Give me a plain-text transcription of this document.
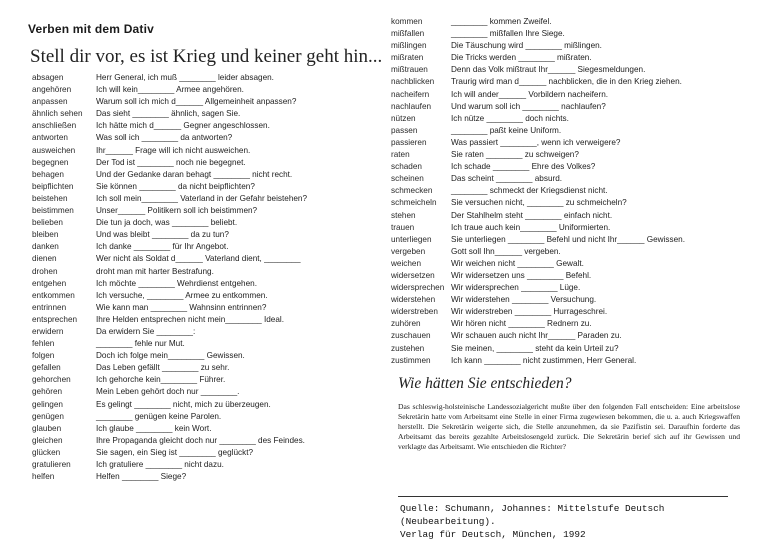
Verben mit dem Dativ
Stell dir vor, es ist Krieg und keiner geht hin...
absagen	Herr General, ich muß ________ leider absagen.
angehören	Ich will kein________ Armee angehören.
anpassen	Warum soll ich mich d______ Allgemeinheit anpassen?
ähnlich sehen	Das sieht ________ ähnlich, sagen Sie.
anschließen	Ich hätte mich d______ Gegner angeschlossen.
antworten	Was soll ich ________ da antworten?
ausweichen	Ihr______ Frage will ich nicht ausweichen.
begegnen	Der Tod ist ________ noch nie begegnet.
behagen	Und der Gedanke daran behagt ________ nicht recht.
beipflichten	Sie können ________ da nicht beipflichten?
beistehen	Ich soll mein________ Vaterland in der Gefahr beistehen?
beistimmen	Unser______ Politikern soll ich beistimmen?
belieben	Die tun ja doch, was ________ beliebt.
bleiben	Und was bleibt ________ da zu tun?
danken	Ich danke ________ für Ihr Angebot.
dienen	Wer nicht als Soldat d______ Vaterland dient, ________
drohen	droht man mit harter Bestrafung.
entgehen	Ich möchte ________ Wehrdienst entgehen.
entkommen	Ich versuche, ________ Armee zu entkommen.
entrinnen	Wie kann man ________ Wahnsinn entrinnen?
entsprechen	Ihre Helden entsprechen nicht mein________ Ideal.
erwidern	Da erwidern Sie ________:
fehlen	________ fehle nur Mut.
folgen	Doch ich folge mein________ Gewissen.
gefallen	Das Leben gefällt ________ zu sehr.
gehorchen	Ich gehorche kein________ Führer.
gehören	Mein Leben gehört doch nur ________.
gelingen	Es gelingt ________ nicht, mich zu überzeugen.
genügen	________ genügen keine Parolen.
glauben	Ich glaube ________ kein Wort.
gleichen	Ihre Propaganda gleicht doch nur ________ des Feindes.
glücken	Sie sagen, ein Sieg ist ________ geglückt?
gratulieren	Ich gratuliere ________ nicht dazu.
helfen	Helfen ________ Siege?
kommen	________ kommen Zweifel.
mißfallen	________ mißfallen Ihre Siege.
mißlingen	Die Täuschung wird ________ mißlingen.
mißraten	Die Tricks werden ________ mißraten.
mißtrauen	Denn das Volk mißtraut Ihr______ Siegesmeldungen.
nachblicken	Traurig wird man d______ nachblicken, die in den Krieg ziehen.
nacheifern	Ich will ander______ Vorbildern nacheifern.
nachlaufen	Und warum soll ich ________ nachlaufen?
nützen	Ich nütze ________ doch nichts.
passen	________ paßt keine Uniform.
passieren	Was passiert ________, wenn ich verweigere?
raten	Sie raten ________ zu schweigen?
schaden	Ich schade ________ Ehre des Volkes?
scheinen	Das scheint ________ absurd.
schmecken	________ schmeckt der Kriegsdienst nicht.
schmeicheln	Sie versuchen nicht, ________ zu schmeicheln?
stehen	Der Stahlhelm steht ________ einfach nicht.
trauen	Ich traue auch kein________ Uniformierten.
unterliegen	Sie unterliegen ________ Befehl und nicht Ihr______ Gewissen.
vergeben	Gott soll Ihn______ vergeben.
weichen	Wir weichen nicht ________ Gewalt.
widersetzen	Wir widersetzen uns ________ Befehl.
widersprechen Wir widersprechen ________ Lüge.
widerstehen	Wir widerstehen ________ Versuchung.
widerstreben	Wir widerstreben ________ Hurrageschrei.
zuhören	Wir hören nicht ________ Rednern zu.
zuschauen	Wir schauen auch nicht Ihr______ Paraden zu.
zustehen	Sie meinen, ________ steht da kein Urteil zu?
zustimmen	Ich kann ________ nicht zustimmen, Herr General.
Wie hätten Sie entschieden?
Das schleswig-holsteinische Landessozialgericht mußte über den folgenden Fall entscheiden: Eine arbeitslose Sekretärin hatte vom Arbeitsamt eine Stelle in einer Firma zugewiesen bekommen, die u. a. auch Kriegswaffen herstellt. Die Sekretärin weigerte sich, die Stelle anzunehmen, da sie Pazifistin sei. Daraufhin forderte das Arbeitsamt das bereits gezahlte Arbeitslosengeld zurück. Die Sekretärin berief sich auf ihr Gewissen und verklagte das Arbeitsamt. Wie entschieden die Richter?
Quelle: Schumann, Johannes: Mittelstufe Deutsch (Neubearbeitung).
Verlag für Deutsch, München, 1992
